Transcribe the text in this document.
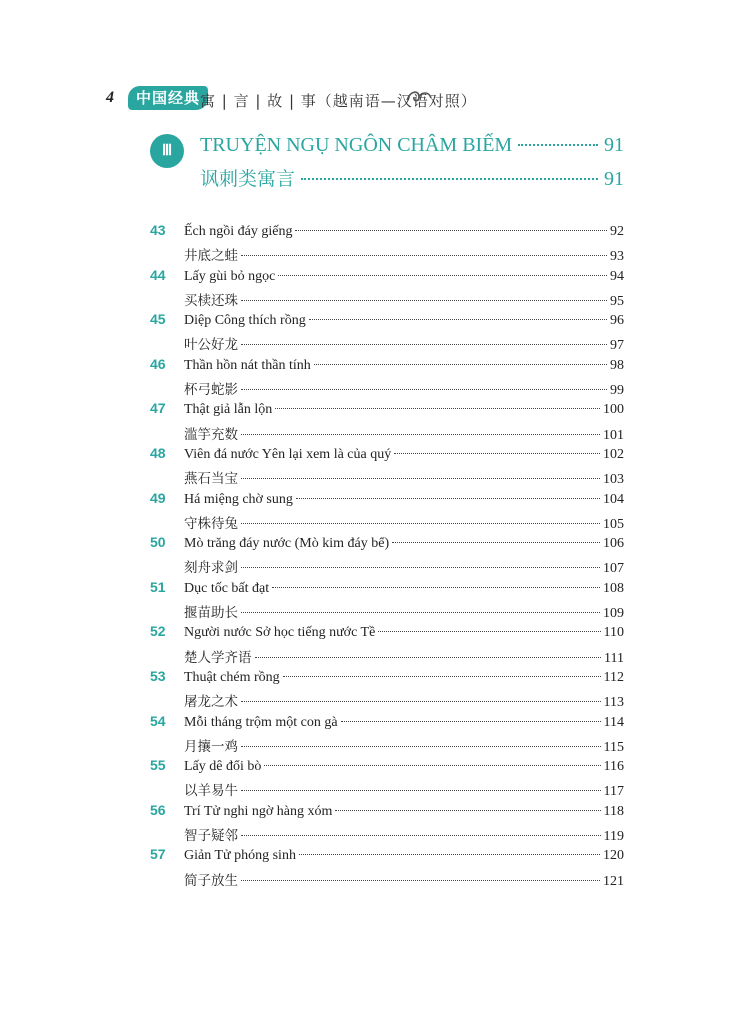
4	中国经典 寓 | 言 | 故 | 事（越南语—汉语对照）
Ⅲ	TRUYỆN NGỤ NGÔN CHÂM BIẾM	91
讽刺类寓言	91
43	Ếch ngồi đáy giếng	92
井底之蛙	93
44	Lấy gùi bỏ ngọc	94
买椟还珠	95
45	Diệp Công thích rồng	96
叶公好龙	97
46	Thần hồn nát thần tính	98
杯弓蛇影	99
47	Thật giả lẫn lộn	100
滥竽充数	101
48	Viên đá nước Yên lại xem là của quý	102
燕石当宝	103
49	Há miệng chờ sung	104
守株待兔	105
50	Mò trăng đáy nước (Mò kim đáy bể)	106
刻舟求剑	107
51	Dục tốc bất đạt	108
揠苗助长	109
52	Người nước Sở học tiếng nước Tề	110
楚人学齐语	111
53	Thuật chém rồng	112
屠龙之术	113
54	Mỗi tháng trộm một con gà	114
月攘一鸡	115
55	Lấy dê đổi bò	116
以羊易牛	117
56	Trí Tử nghi ngờ hàng xóm	118
智子疑邻	119
57	Giản Tử phóng sinh	120
简子放生	121
